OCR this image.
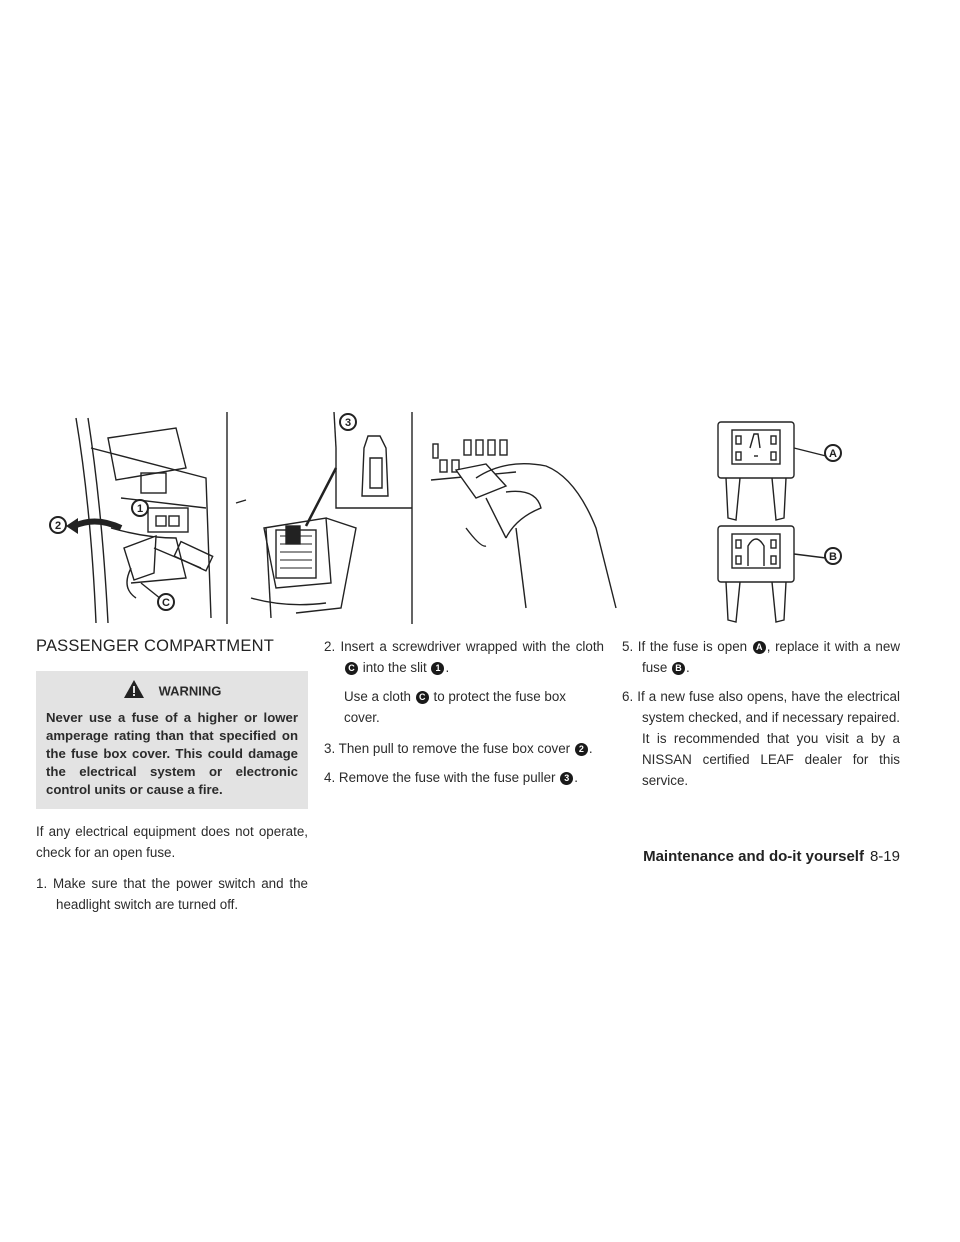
2
1
C
3
A
B
PASSENGER COMPARTMENT
WARNING
Never use a fuse of a higher or lower amperage rating than that specified on the fuse box cover. This could damage the electrical system or electronic control units or cause a fire.

If any electrical equipment does not operate, check for an open fuse.

1. Make sure that the power switch and the headlight switch are turned off.
2. Insert a screwdriver wrapped with the cloth C into the slit 1 .
Use a cloth C to protect the fuse box cover.
3. Then pull to remove the fuse box cover 2 .
4. Remove the fuse with the fuse puller 3 .
5. If the fuse is open A , replace it with a new fuse B .
6. If a new fuse also opens, have the electrical system checked, and if necessary repaired. It is recommended that you visit a by a NISSAN certified LEAF dealer for this service.
Maintenance and do-it yourself 8-19
